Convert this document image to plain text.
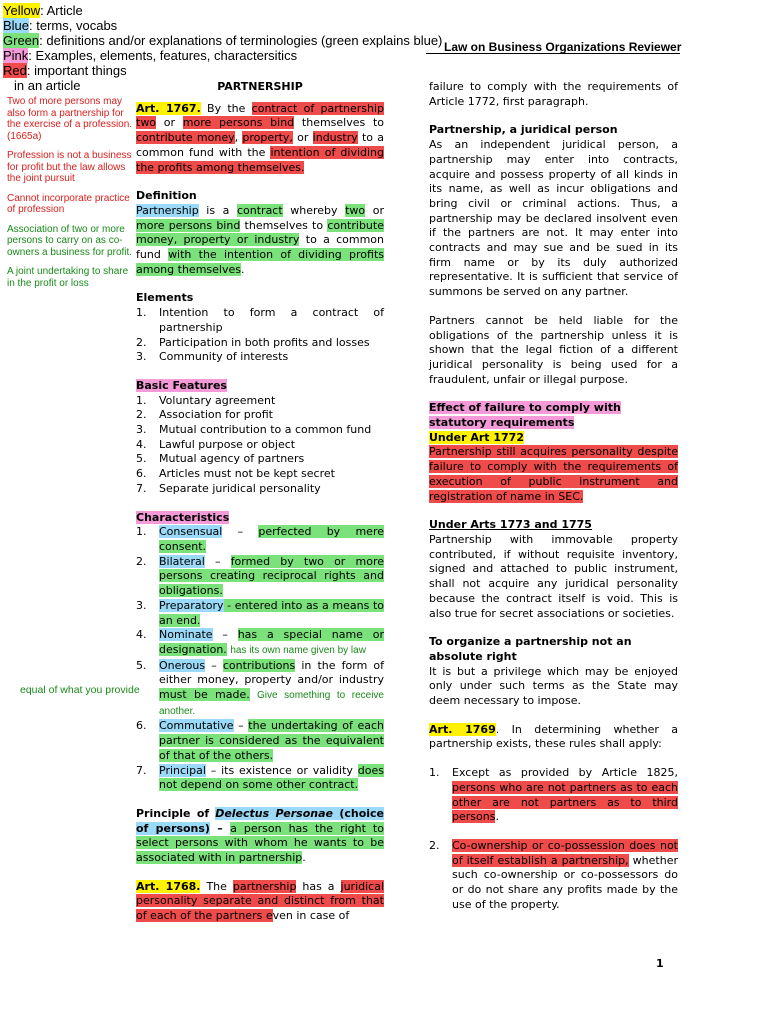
Yellow: Article
Blue: terms, vocabs
Green: definitions and/or explanations of terminologies (green explains blue)
Pink: Examples, elements, features, charactersitics
Red: important things
in an article
Law on Business Organizations Reviewer

Two of more persons may also form a partnership for the exercise of a profession. (1665a)

Profession is not a business for profit but the law allows the joint pursuit

Cannot incorporate practice of profession

Association of two or more persons to carry on as co-owners a business for profit.

A joint undertaking to share in the profit or loss

equal of what you provide

PARTNERSHIP

Art. 1767. By the contract of partnership two or more persons bind themselves to contribute money, property, or industry to a common fund with the intention of dividing the profits among themselves.

Definition

Partnership is a contract whereby two or more persons bind themselves to contribute money, property or industry to a common fund with the intention of dividing profits among themselves.

Elements
1. Intention to form a contract of partnership
2. Participation in both profits and losses
3. Community of interests
Basic Features
1. Voluntary agreement
2. Association for profit
3. Mutual contribution to a common fund
4. Lawful purpose or object
5. Mutual agency of partners
6. Articles must not be kept secret
7. Separate juridical personality
Characteristics
1. Consensual – perfected by mere consent.
2. Bilateral – formed by two or more persons creating reciprocal rights and obligations.
3. Preparatory - entered into as a means to an end.
4. Nominate – has a special name or designation. has its own name given by law
5. Onerous – contributions in the form of either money, property and/or industry must be made. Give something to receive another.
6. Commutative – the undertaking of each partner is considered as the equivalent of that of the others.
7. Principal – its existence or validity does not depend on some other contract.

Principle of Delectus Personae (choice of persons) – a person has the right to select persons with whom he wants to be associated with in partnership.

Art. 1768. The partnership has a juridical personality separate and distinct from that of each of the partners even in case of

failure to comply with the requirements of Article 1772, first paragraph.

Partnership, a juridical person

As an independent juridical person, a partnership may enter into contracts, acquire and possess property of all kinds in its name, as well as incur obligations and bring civil or criminal actions. Thus, a partnership may be declared insolvent even if the partners are not. It may enter into contracts and may sue and be sued in its firm name or by its duly authorized representative. It is sufficient that service of summons be served on any partner.

Partners cannot be held liable for the obligations of the partnership unless it is shown that the legal fiction of a different juridical personality is being used for a fraudulent, unfair or illegal purpose.

Effect of failure to comply with statutory requirements
Under Art 1772

Partnership still acquires personality despite failure to comply with the requirements of execution of public instrument and registration of name in SEC.

Under Arts 1773 and 1775

Partnership with immovable property contributed, if without requisite inventory, signed and attached to public instrument, shall not acquire any juridical personality because the contract itself is void. This is also true for secret associations or societies.

To organize a partnership not an absolute right

It is but a privilege which may be enjoyed only under such terms as the State may deem necessary to impose.

Art. 1769. In determining whether a partnership exists, these rules shall apply:

1. Except as provided by Article 1825, persons who are not partners as to each other are not partners as to third persons.
2. Co-ownership or co-possession does not of itself establish a partnership, whether such co-ownership or co-possessors do or do not share any profits made by the use of the property.
1
